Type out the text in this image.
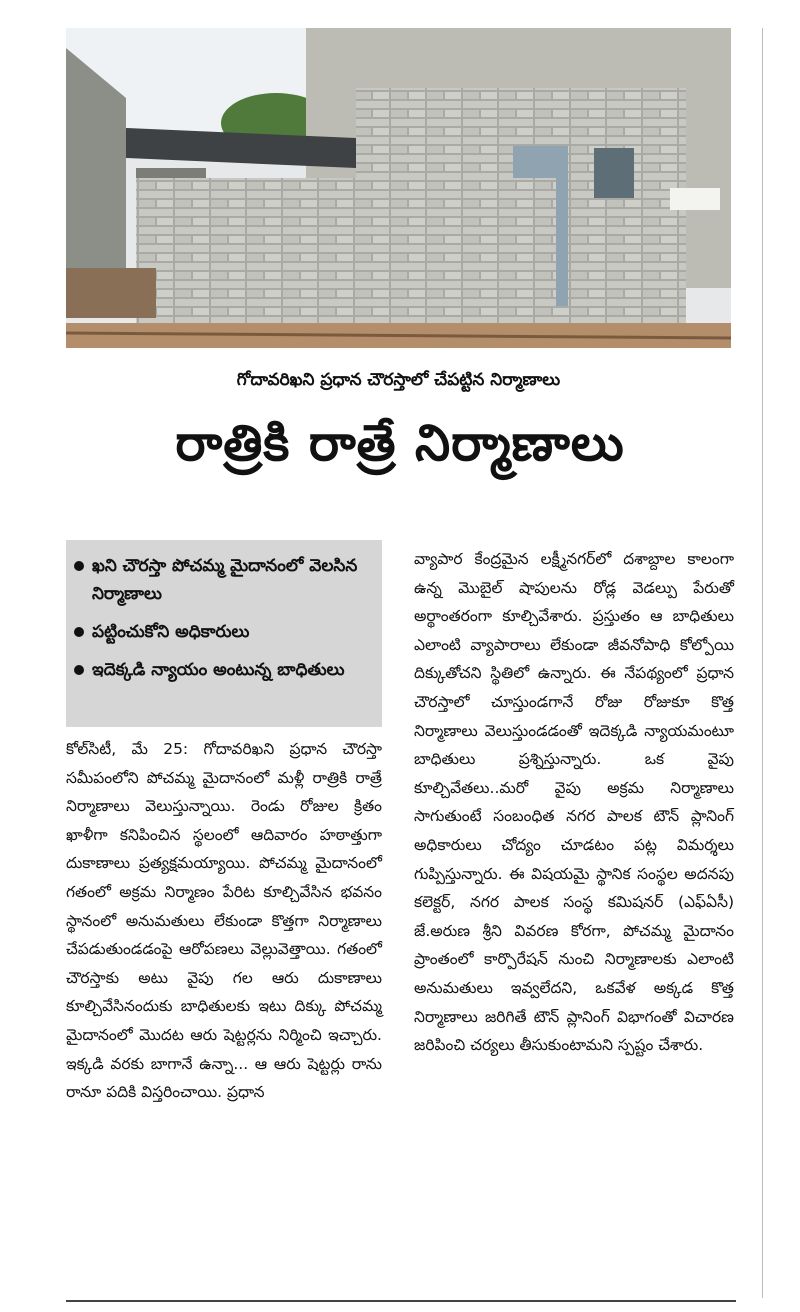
గోదావరిఖని ప్రధాన చౌరస్తాలో చేపట్టిన నిర్మాణాలు
రాత్రికి రాత్రే నిర్మాణాలు
ఖని చౌరస్తా పోచమ్మ మైదానంలో వెలసిన నిర్మాణాలు
పట్టించుకోని అధికారులు
ఇదెక్కడి న్యాయం అంటున్న బాధితులు

కోల్‌సిటీ, మే 25: గోదావరిఖని ప్రధాన చౌరస్తా సమీపంలోని పోచమ్మ మైదానంలో మళ్లీ రాత్రికి రాత్రే నిర్మాణాలు వెలుస్తున్నాయి. రెండు రోజుల క్రితం ఖాళీగా కనిపించిన స్థలంలో ఆదివారం హఠాత్తుగా దుకాణాలు ప్రత్యక్షమయ్యాయి. పోచమ్మ మైదానంలో గతంలో అక్రమ నిర్మాణం పేరిట కూల్చివేసిన భవనం స్థానంలో అనుమతులు లేకుండా కొత్తగా నిర్మాణాలు చేపడుతుండడంపై ఆరోపణలు వెల్లువెత్తాయి. గతంలో చౌరస్తాకు అటు వైపు గల ఆరు దుకాణాలు కూల్చివేసినందుకు బాధితులకు ఇటు దిక్కు పోచమ్మ మైదానంలో మొదట ఆరు షెట్టర్లను నిర్మించి ఇచ్చారు. ఇక్కడి వరకు బాగానే ఉన్నా... ఆ ఆరు షెట్టర్లు రాను రానూ పదికి విస్తరించాయి. ప్రధాన

వ్యాపార కేంద్రమైన లక్ష్మీనగర్‌లో దశాబ్దాల కాలంగా ఉన్న మొబైల్ షాపులను రోడ్ల వెడల్పు పేరుతో అర్థాంతరంగా కూల్చివేశారు. ప్రస్తుతం ఆ బాధితులు ఎలాంటి వ్యాపారాలు లేకుండా జీవనోపాధి కోల్పోయి దిక్కుతోచని స్థితిలో ఉన్నారు. ఈ నేపథ్యంలో ప్రధాన చౌరస్తాలో చూస్తుండగానే రోజు రోజుకూ కొత్త నిర్మాణాలు వెలుస్తుండడంతో ఇదెక్కడి న్యాయమంటూ బాధితులు ప్రశ్నిస్తున్నారు. ఒక వైపు కూల్చివేతలు..మరో వైపు అక్రమ నిర్మాణాలు సాగుతుంటే సంబంధిత నగర పాలక టౌన్ ప్లానింగ్ అధికారులు చోద్యం చూడటం పట్ల విమర్శలు గుప్పిస్తున్నారు. ఈ విషయమై స్థానిక సంస్థల అదనపు కలెక్టర్, నగర పాలక సంస్థ కమిషనర్ (ఎఫ్ఏసీ) జే.అరుణ శ్రీని వివరణ కోరగా, పోచమ్మ మైదానం ప్రాంతంలో కార్పొరేషన్ నుంచి నిర్మాణాలకు ఎలాంటి అనుమతులు ఇవ్వలేదని, ఒకవేళ అక్కడ కొత్త నిర్మాణాలు జరిగితే టౌన్ ప్లానింగ్ విభాగంతో విచారణ జరిపించి చర్యలు తీసుకుంటామని స్పష్టం చేశారు.
